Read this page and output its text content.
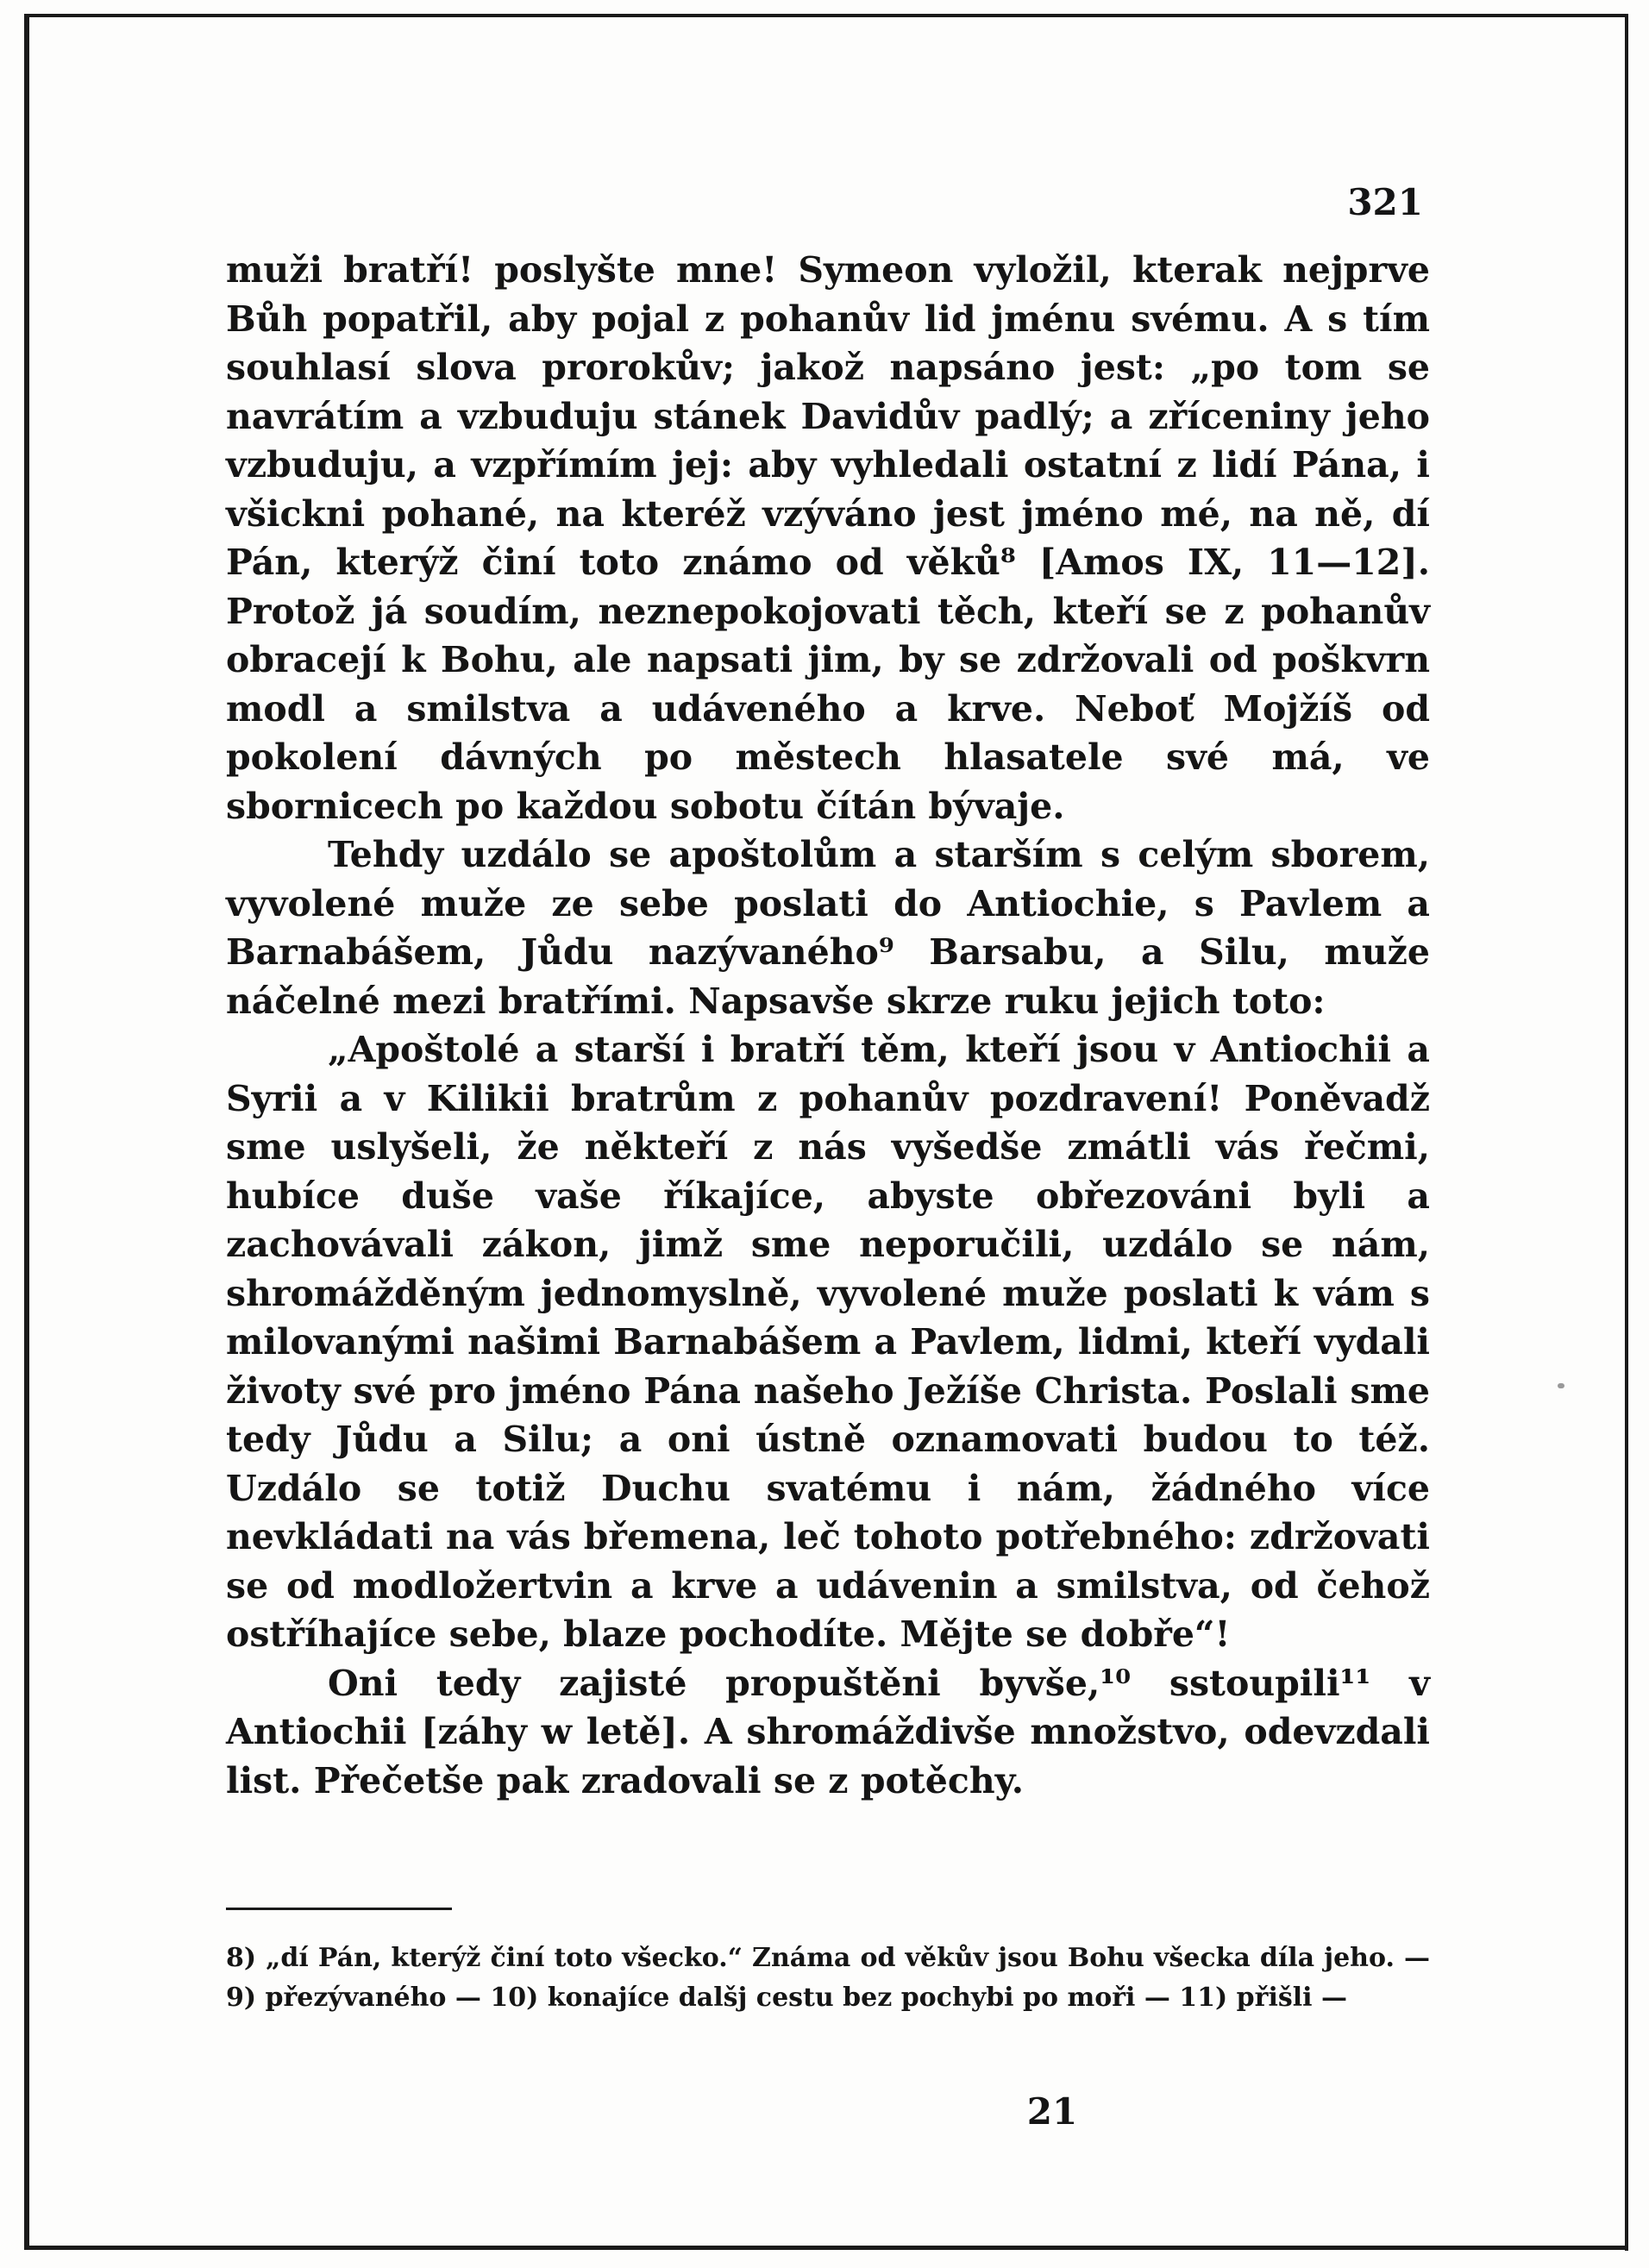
321

muži bratří! poslyšte mne! Symeon vyložil, kterak nejprve Bůh popatřil, aby pojal z pohanův lid jménu svému. A s tím souhlasí slova prorokův; jakož napsáno jest: „po tom se navrátím a vzbuduju stánek Davidův padlý; a zříceniny jeho vzbuduju, a vzpřímím jej: aby vyhledali ostatní z lidí Pána, i všickni pohané, na kteréž vzýváno jest jméno mé, na ně, dí Pán, kterýž činí toto známo od věků⁸ [Amos IX, 11—12]. Protož já soudím, neznepokojovati těch, kteří se z pohanův obracejí k Bohu, ale napsati jim, by se zdržovali od poškvrn modl a smilstva a udáveného a krve. Neboť Mojžíš od pokolení dávných po městech hlasatele své má, ve sbornicech po každou sobotu čítán bývaje.

Tehdy uzdálo se apoštolům a starším s celým sborem, vyvolené muže ze sebe poslati do Antiochie, s Pavlem a Barnabášem, Jůdu nazývaného⁹ Barsabu, a Silu, muže náčelné mezi bratřími. Napsavše skrze ruku jejich toto:

„Apoštolé a starší i bratří těm, kteří jsou v Antiochii a Syrii a v Kilikii bratrům z pohanův pozdravení! Poněvadž sme uslyšeli, že někteří z nás vyšedše zmátli vás řečmi, hubíce duše vaše říkajíce, abyste obřezováni byli a zachovávali zákon, jimž sme neporučili, uzdálo se nám, shromážděným jednomyslně, vyvolené muže poslati k vám s milovanými našimi Barnabášem a Pavlem, lidmi, kteří vydali životy své pro jméno Pána našeho Ježíše Christa. Poslali sme tedy Jůdu a Silu; a oni ústně oznamovati budou to též. Uzdálo se totiž Duchu svatému i nám, žádného více nevkládati na vás břemena, leč tohoto potřebného: zdržovati se od modložertvin a krve a udávenin a smilstva, od čehož ostříhajíce sebe, blaze pochodíte. Mějte se dobře“!

Oni tedy zajisté propuštěni byvše,¹⁰ sstoupili¹¹ v Antiochii [záhy w letě]. A shromáždivše množstvo, odevzdali list. Přečetše pak zradovali se z potěchy.

8) „dí Pán, kterýž činí toto všecko.“ Známa od věkův jsou Bohu všecka díla jeho. — 9) přezývaného — 10) konajíce dalšj cestu bez pochybi po moři — 11) přišli —
21
